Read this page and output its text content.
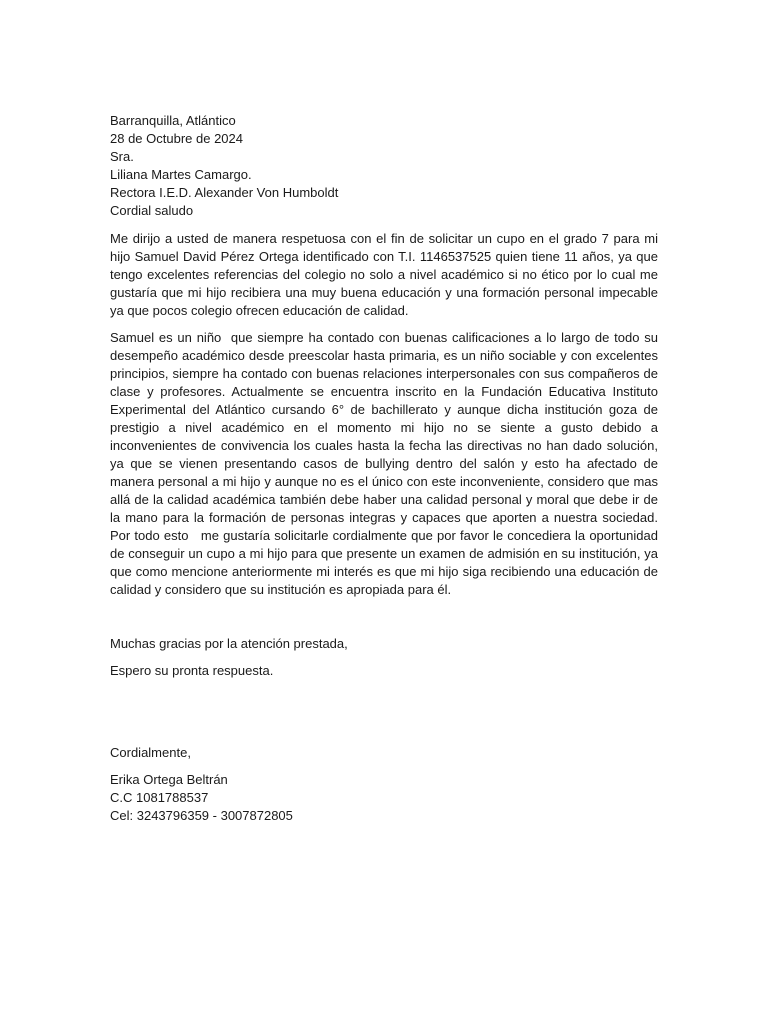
Barranquilla, Atlántico
28 de Octubre de 2024
Sra.
Liliana Martes Camargo.
Rectora I.E.D. Alexander Von Humboldt

Cordial saludo

Me dirijo a usted de manera respetuosa con el fin de solicitar un cupo en el grado 7 para mi hijo Samuel David Pérez Ortega identificado con T.I. 1146537525 quien tiene 11 años, ya que tengo excelentes referencias del colegio no solo a nivel académico si no ético por lo cual me gustaría que mi hijo recibiera una muy buena educación y una formación personal impecable ya que pocos colegio ofrecen educación de calidad.

Samuel es un niño  que siempre ha contado con buenas calificaciones a lo largo de todo su desempeño académico desde preescolar hasta primaria, es un niño sociable y con excelentes principios, siempre ha contado con buenas relaciones interpersonales con sus compañeros de clase y profesores. Actualmente se encuentra inscrito en la Fundación Educativa Instituto Experimental del Atlántico cursando 6° de bachillerato y aunque dicha institución goza de prestigio a nivel académico en el momento mi hijo no se siente a gusto debido a inconvenientes de convivencia los cuales hasta la fecha las directivas no han dado solución, ya que se vienen presentando casos de bullying dentro del salón y esto ha afectado de manera personal a mi hijo y aunque no es el único con este inconveniente, considero que mas allá de la calidad académica también debe haber una calidad personal y moral que debe ir de la mano para la formación de personas integras y capaces que aporten a nuestra sociedad. Por todo esto   me gustaría solicitarle cordialmente que por favor le concediera la oportunidad de conseguir un cupo a mi hijo para que presente un examen de admisión en su institución, ya que como mencione anteriormente mi interés es que mi hijo siga recibiendo una educación de calidad y considero que su institución es apropiada para él.

Muchas gracias por la atención prestada,

Espero su pronta respuesta.

Cordialmente,

Erika Ortega Beltrán
C.C 1081788537
Cel: 3243796359 - 3007872805
